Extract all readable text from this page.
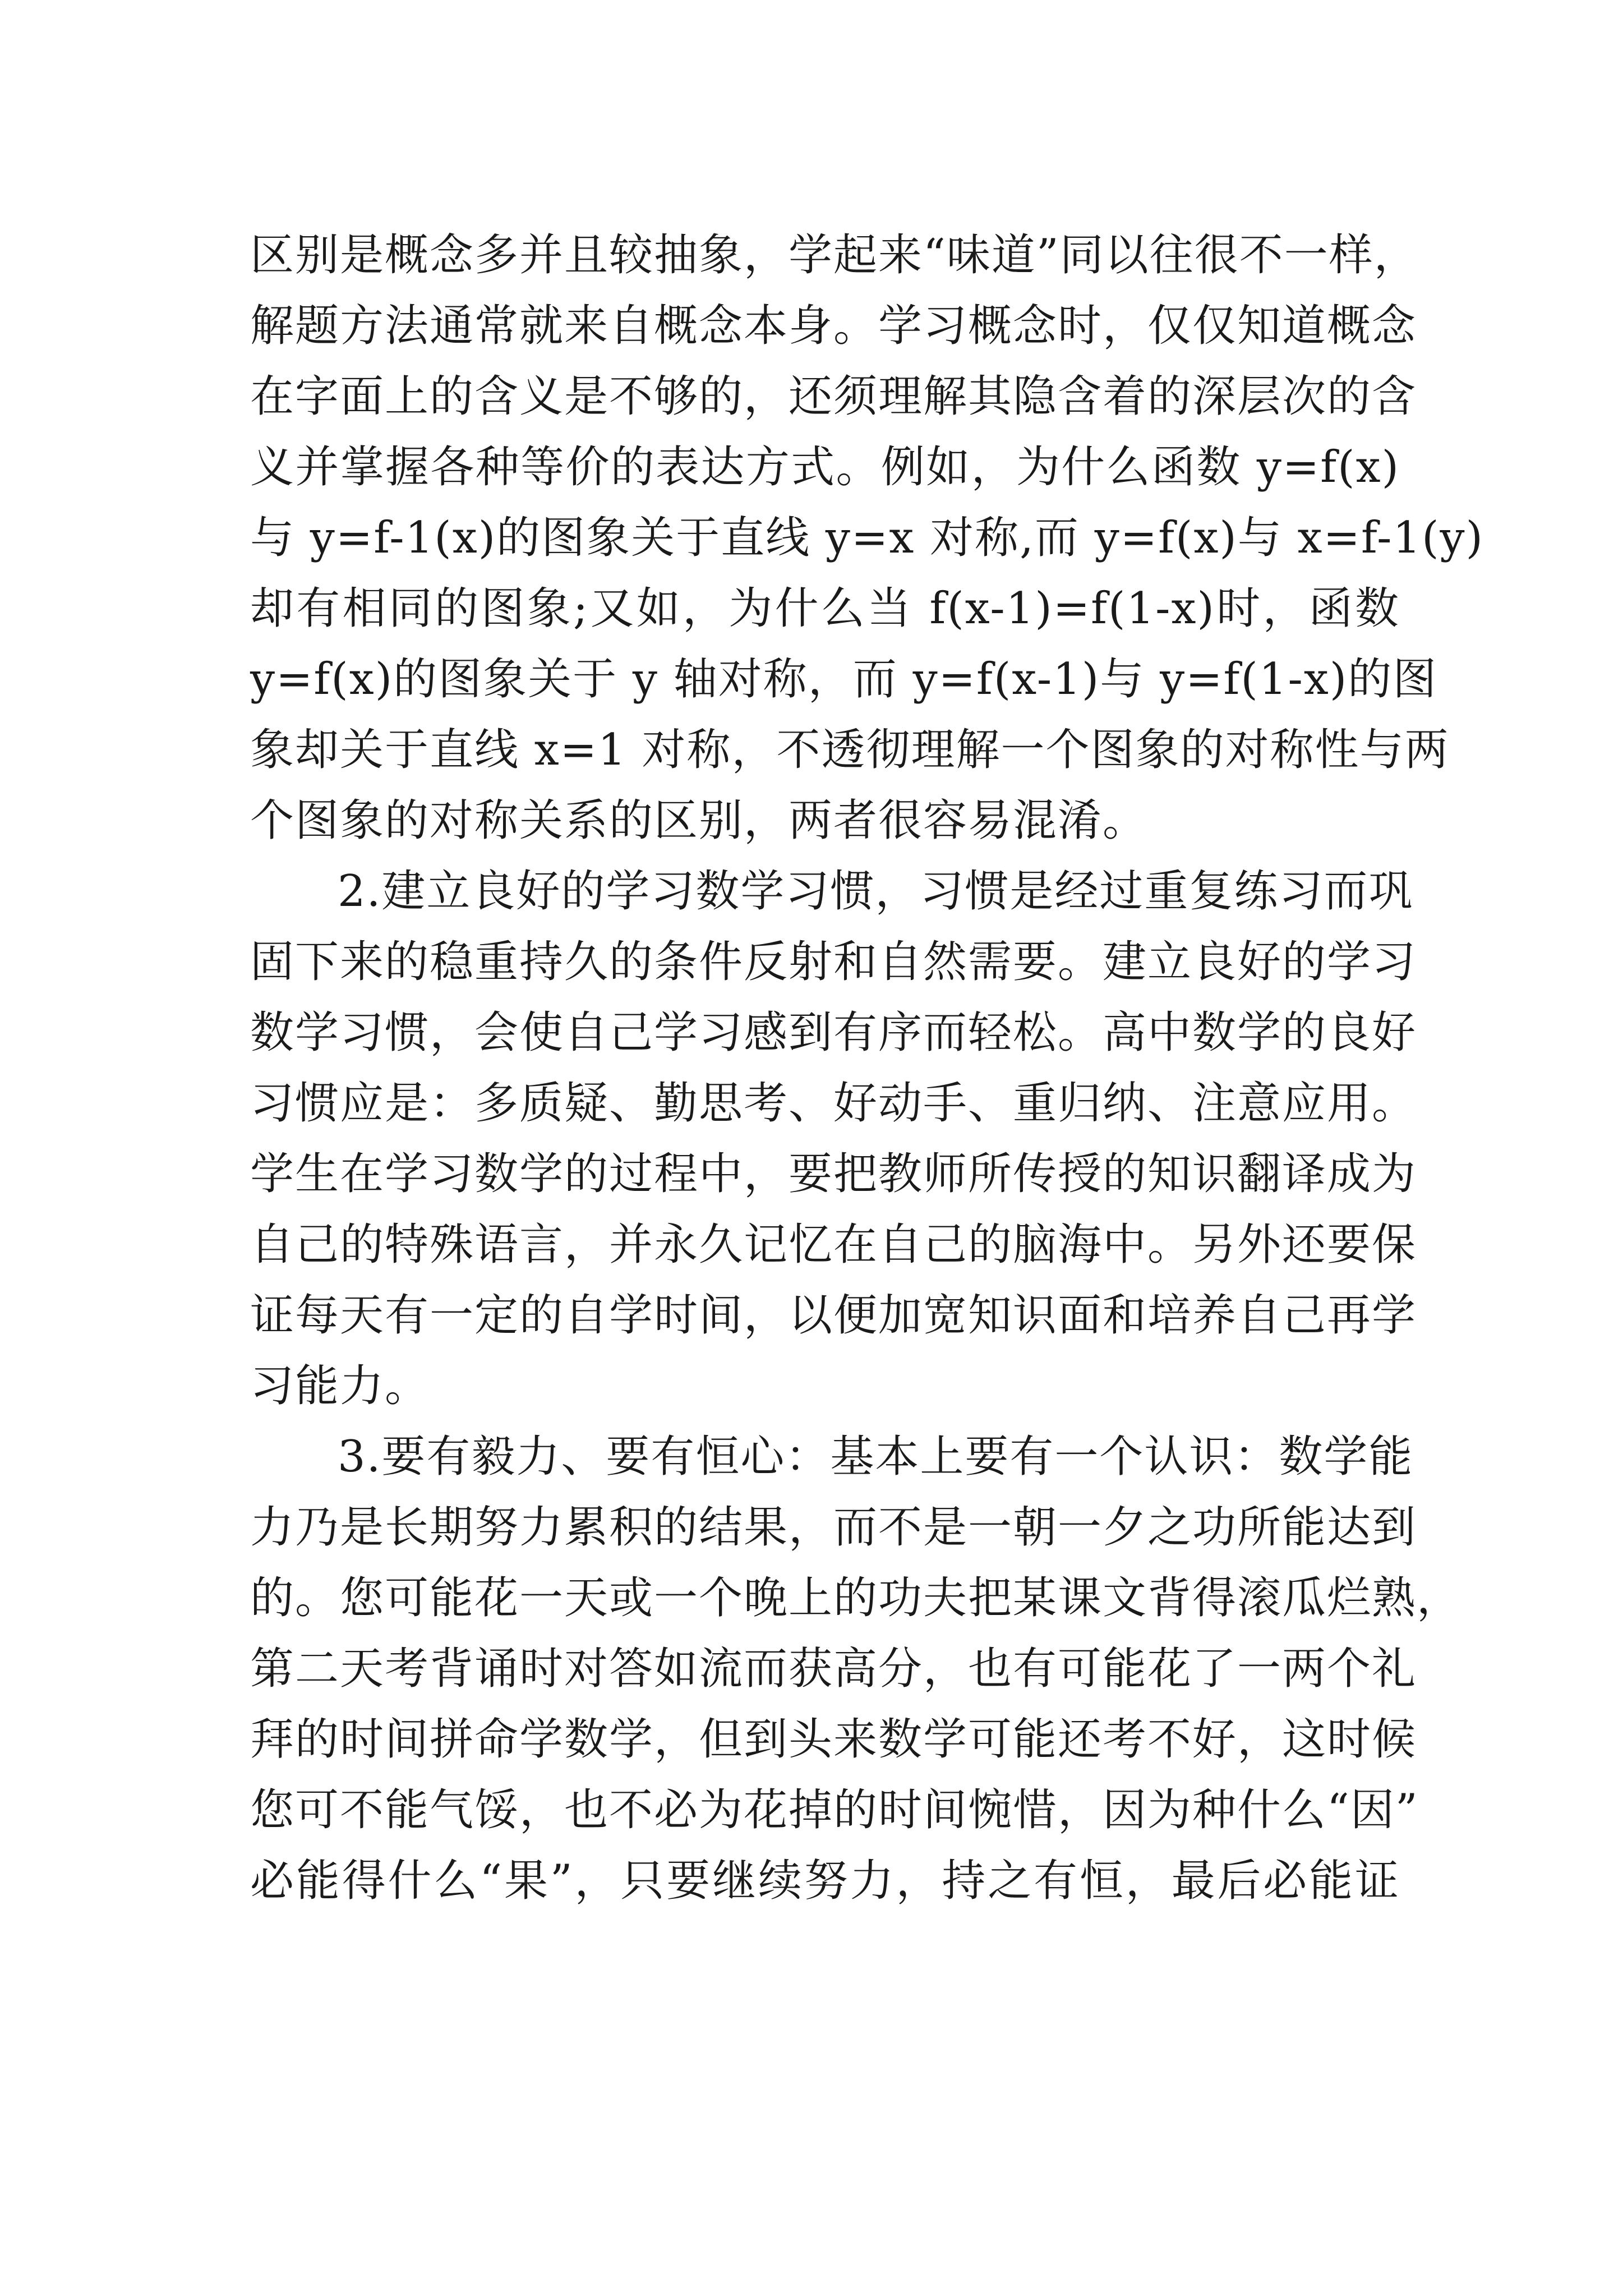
区别是概念多并且较抽象，学起来“味道”同以往很不一样，
解题方法通常就来自概念本身。学习概念时，仅仅知道概念
在字面上的含义是不够的，还须理解其隐含着的深层次的含
义并掌握各种等价的表达方式。例如，为什么函数 y=f(x)
与 y=f-1(x)的图象关于直线 y=x 对称,而 y=f(x)与 x=f-1(y)
却有相同的图象;又如，为什么当 f(x-1)=f(1-x)时，函数
y=f(x)的图象关于 y 轴对称，而 y=f(x-1)与 y=f(1-x)的图
象却关于直线 x=1 对称，不透彻理解一个图象的对称性与两
个图象的对称关系的区别，两者很容易混淆。
2.建立良好的学习数学习惯，习惯是经过重复练习而巩
固下来的稳重持久的条件反射和自然需要。建立良好的学习
数学习惯，会使自己学习感到有序而轻松。高中数学的良好
习惯应是：多质疑、勤思考、好动手、重归纳、注意应用。
学生在学习数学的过程中，要把教师所传授的知识翻译成为
自己的特殊语言，并永久记忆在自己的脑海中。另外还要保
证每天有一定的自学时间，以便加宽知识面和培养自己再学
习能力。
3.要有毅力、要有恒心：基本上要有一个认识：数学能
力乃是长期努力累积的结果，而不是一朝一夕之功所能达到
的。您可能花一天或一个晚上的功夫把某课文背得滚瓜烂熟，
第二天考背诵时对答如流而获高分，也有可能花了一两个礼
拜的时间拼命学数学，但到头来数学可能还考不好，这时候
您可不能气馁，也不必为花掉的时间惋惜，因为种什么“因”
必能得什么“果”，只要继续努力，持之有恒，最后必能证
